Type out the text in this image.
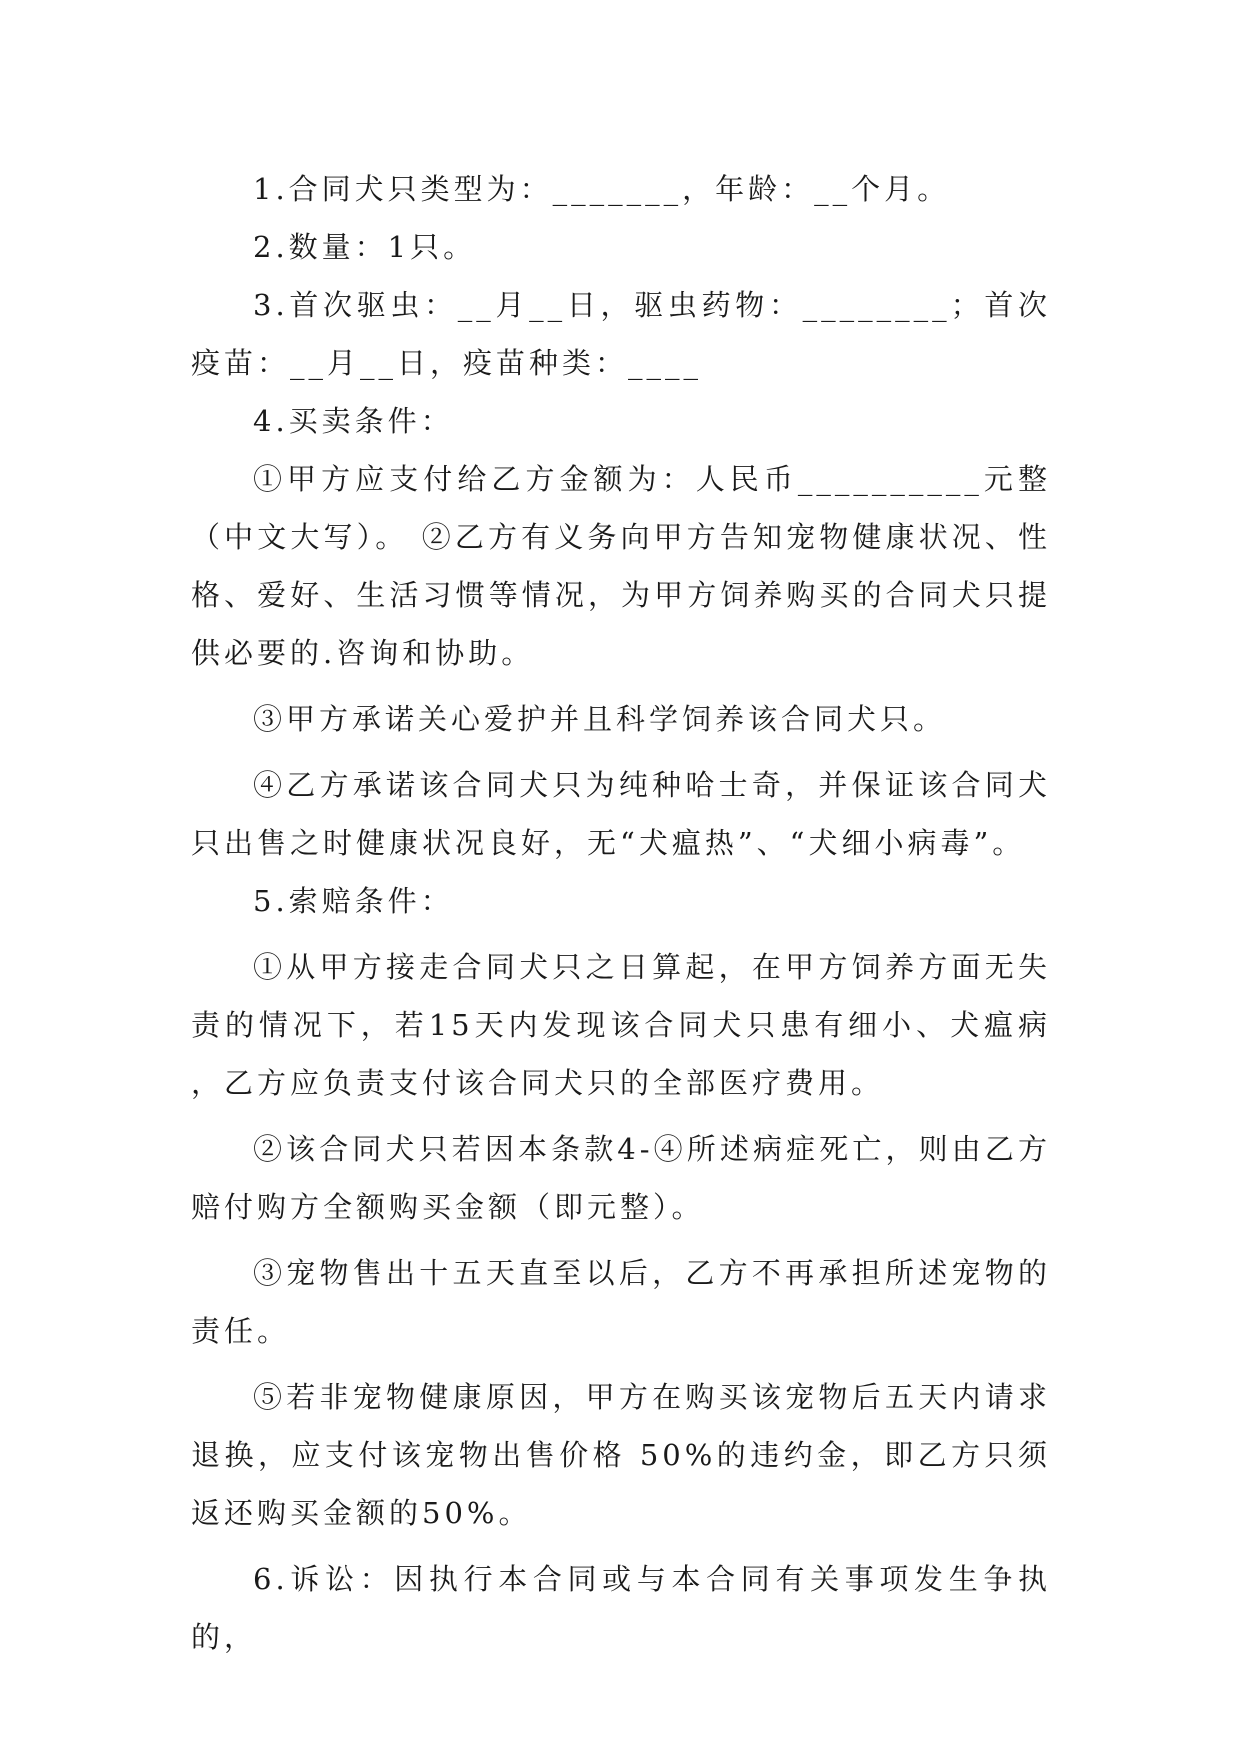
1.合同犬只类型为：_______，年龄：__个月。

2.数量：1只。

3.首次驱虫：__月__日，驱虫药物：________；首次疫苗：__月__日，疫苗种类：____

4.买卖条件：

①甲方应支付给乙方金额为：人民币__________元整（中文大写）。 ②乙方有义务向甲方告知宠物健康状况、性格、爱好、生活习惯等情况，为甲方饲养购买的合同犬只提供必要的.咨询和协助。

③甲方承诺关心爱护并且科学饲养该合同犬只。

④乙方承诺该合同犬只为纯种哈士奇，并保证该合同犬只出售之时健康状况良好，无“犬瘟热”、“犬细小病毒”。

5.索赔条件：

①从甲方接走合同犬只之日算起，在甲方饲养方面无失责的情况下，若15天内发现该合同犬只患有细小、犬瘟病 ，乙方应负责支付该合同犬只的全部医疗费用。

②该合同犬只若因本条款4-④所述病症死亡，则由乙方赔付购方全额购买金额（即元整）。

③宠物售出十五天直至以后，乙方不再承担所述宠物的责任。

⑤若非宠物健康原因，甲方在购买该宠物后五天内请求退换，应支付该宠物出售价格 50%的违约金，即乙方只须返还购买金额的50%。

6.诉讼：因执行本合同或与本合同有关事项发生争执的，
